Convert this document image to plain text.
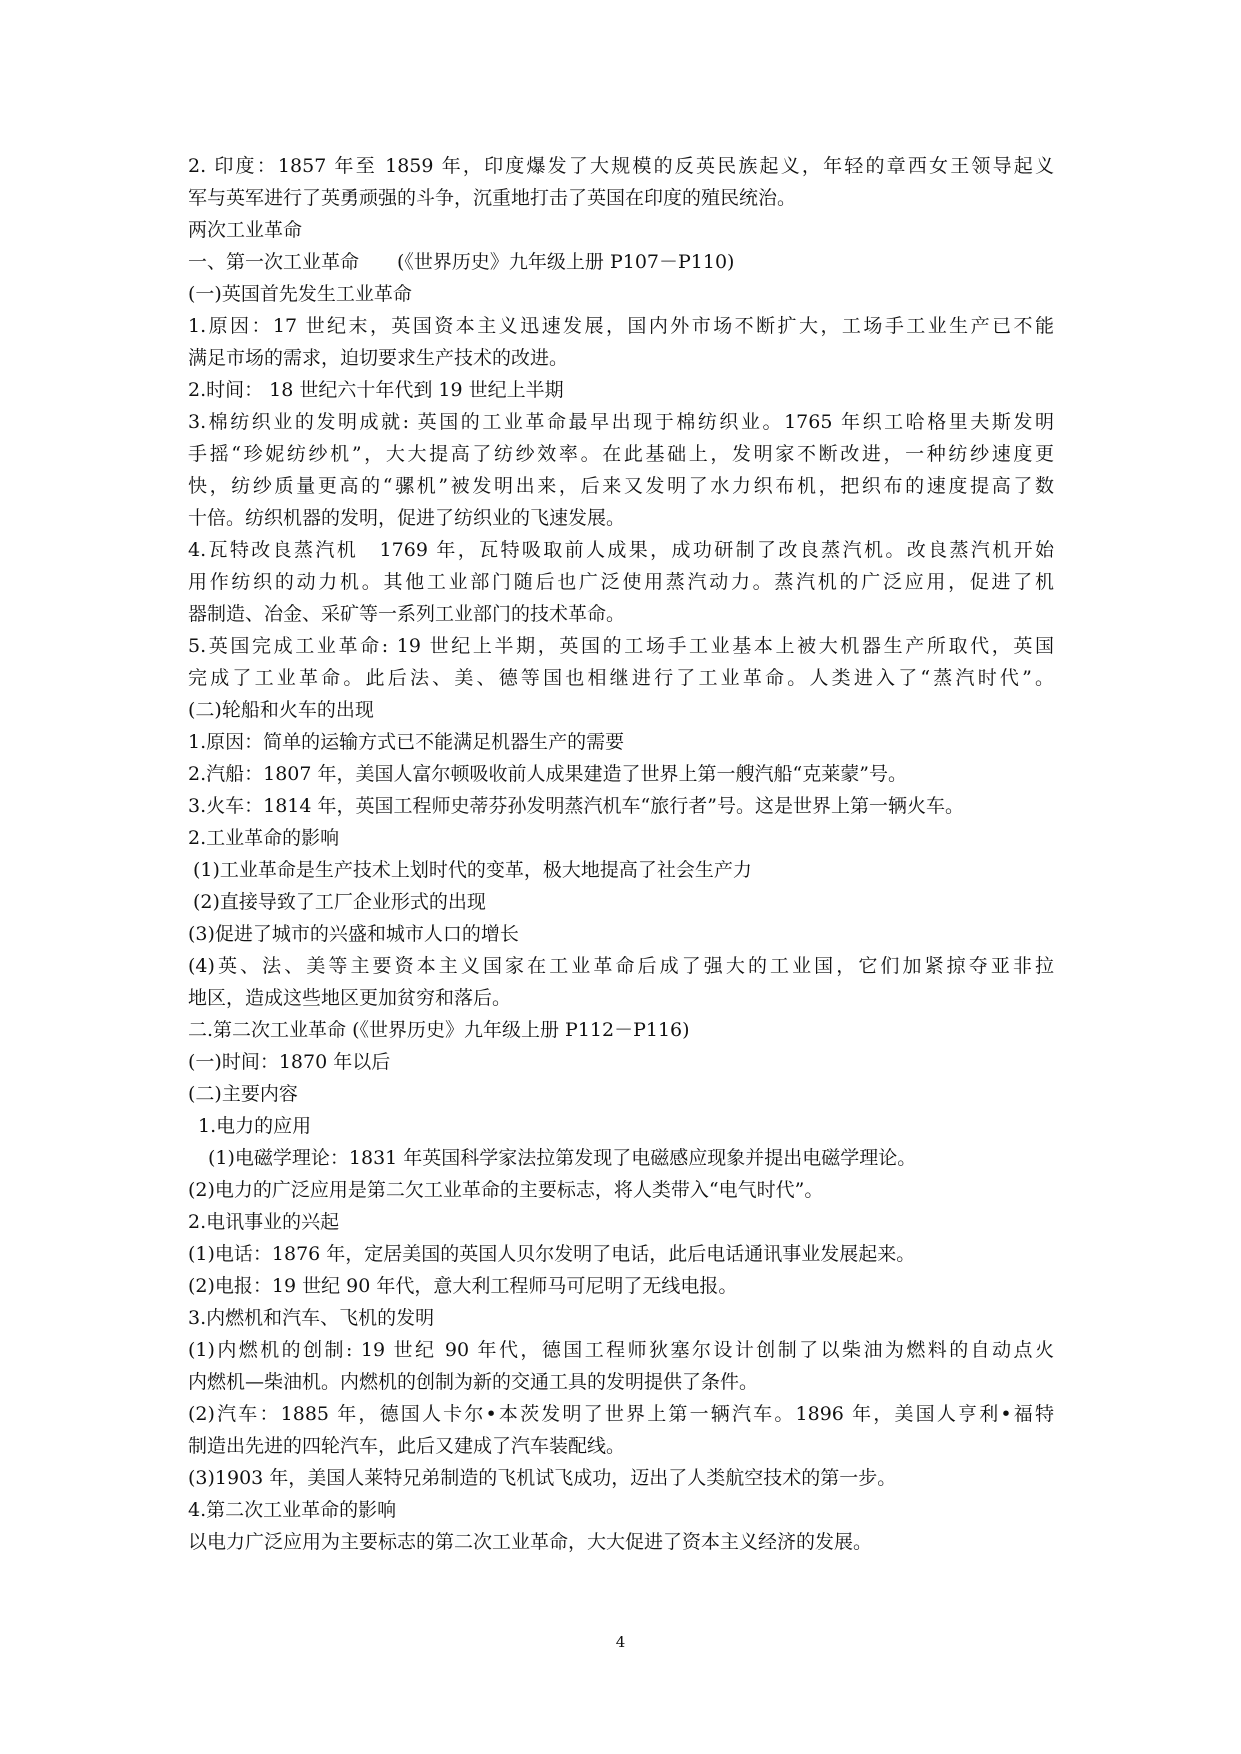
2. 印度：1857 年至 1859 年，印度爆发了大规模的反英民族起义，年轻的章西女王领导起义
军与英军进行了英勇顽强的斗争，沉重地打击了英国在印度的殖民统治。
两次工业革命
一、第一次工业革命　　(《世界历史》九年级上册 P107－P110)
(一)英国首先发生工业革命
1.原因：17 世纪末，英国资本主义迅速发展，国内外市场不断扩大，工场手工业生产已不能
满足市场的需求，迫切要求生产技术的改进。
2.时间： 18 世纪六十年代到 19 世纪上半期
3.棉纺织业的发明成就: 英国的工业革命最早出现于棉纺织业。1765 年织工哈格里夫斯发明
手摇“珍妮纺纱机”，大大提高了纺纱效率。在此基础上，发明家不断改进，一种纺纱速度更
快，纺纱质量更高的“骡机”被发明出来，后来又发明了水力织布机，把织布的速度提高了数
十倍。纺织机器的发明，促进了纺织业的飞速发展。
4.瓦特改良蒸汽机　1769 年，瓦特吸取前人成果，成功研制了改良蒸汽机。改良蒸汽机开始
用作纺织的动力机。其他工业部门随后也广泛使用蒸汽动力。蒸汽机的广泛应用，促进了机
器制造、冶金、采矿等一系列工业部门的技术革命。
5.英国完成工业革命: 19 世纪上半期，英国的工场手工业基本上被大机器生产所取代，英国
完成了工业革命。此后法、美、德等国也相继进行了工业革命。人类进入了“蒸汽时代”。
(二)轮船和火车的出现
1.原因：简单的运输方式已不能满足机器生产的需要
2.汽船：1807 年，美国人富尔顿吸收前人成果建造了世界上第一艘汽船“克莱蒙”号。
3.火车：1814 年，英国工程师史蒂芬孙发明蒸汽机车“旅行者”号。这是世界上第一辆火车。
2.工业革命的影响
(1)工业革命是生产技术上划时代的变革，极大地提高了社会生产力
(2)直接导致了工厂企业形式的出现
(3)促进了城市的兴盛和城市人口的增长
(4)英、法、美等主要资本主义国家在工业革命后成了强大的工业国，它们加紧掠夺亚非拉
地区，造成这些地区更加贫穷和落后。
二.第二次工业革命 (《世界历史》九年级上册 P112－P116)
(一)时间：1870 年以后
(二)主要内容
1.电力的应用
(1)电磁学理论：1831 年英国科学家法拉第发现了电磁感应现象并提出电磁学理论。
(2)电力的广泛应用是第二欠工业革命的主要标志，将人类带入“电气时代”。
2.电讯事业的兴起
(1)电话：1876 年，定居美国的英国人贝尔发明了电话，此后电话通讯事业发展起来。
(2)电报：19 世纪 90 年代，意大利工程师马可尼明了无线电报。
3.内燃机和汽车、飞机的发明
(1)内燃机的创制: 19 世纪 90 年代，德国工程师狄塞尔设计创制了以柴油为燃料的自动点火
内燃机—柴油机。内燃机的创制为新的交通工具的发明提供了条件。
(2)汽车：1885 年，德国人卡尔•本茨发明了世界上第一辆汽车。1896 年，美国人亨利•福特
制造出先进的四轮汽车，此后又建成了汽车装配线。
(3)1903 年，美国人莱特兄弟制造的飞机试飞成功，迈出了人类航空技术的第一步。
4.第二次工业革命的影响
以电力广泛应用为主要标志的第二次工业革命，大大促进了资本主义经济的发展。
4
